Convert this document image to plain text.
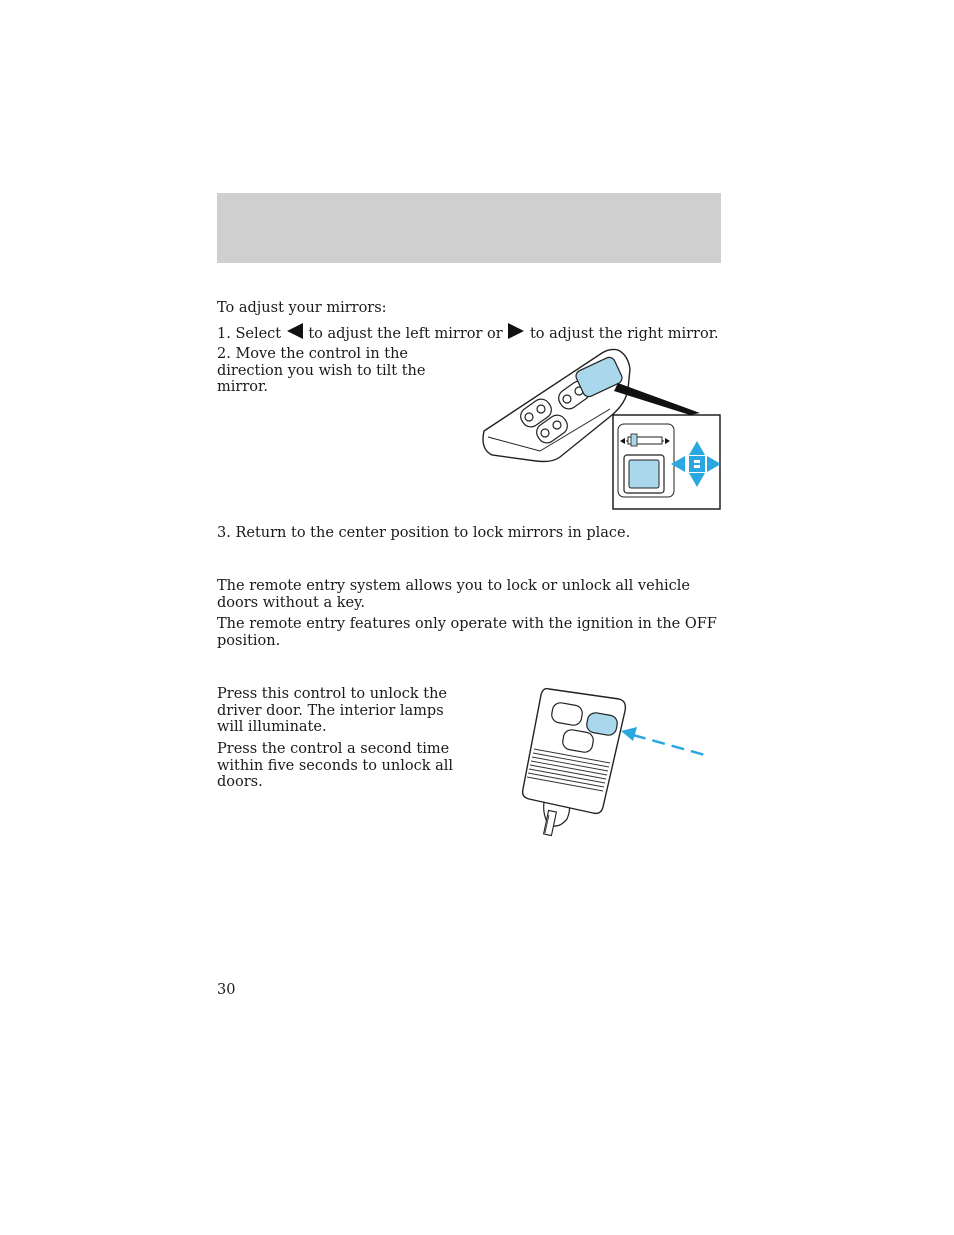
To adjust your mirrors:

1. Select to adjust the left mirror or to adjust the right mirror.

2. Move the control in the direction you wish to tilt the mirror.

3. Return to the center position to lock mirrors in place.

The remote entry system allows you to lock or unlock all vehicle doors without a key.

The remote entry features only operate with the ignition in the OFF position.

Press this control to unlock the driver door. The interior lamps will illuminate.

Press the control a second time within five seconds to unlock all doors.

30
